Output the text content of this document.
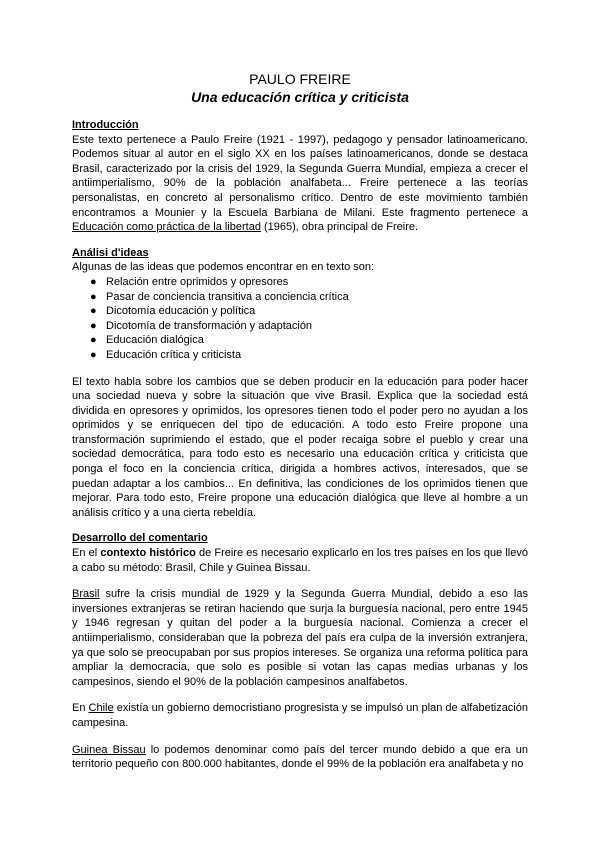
PAULO FREIRE
Una educación crítica y criticista
Introducción

Este texto pertenece a Paulo Freire (1921 - 1997), pedagogo y pensador latinoamericano. Podemos situar al autor en el siglo XX en los países latinoamericanos, donde se destaca Brasil, caracterizado por la crisis del 1929, la Segunda Guerra Mundial, empieza a crecer el antiimperialismo, 90% de la población analfabeta... Freire pertenece a las teorías personalistas, en concreto al personalismo crítico. Dentro de este movimiento también encontramos a Mounier y la Escuela Barbiana de Milani. Este fragmento pertenece a Educación como práctica de la libertad (1965), obra principal de Freire.

Análisi d'ideas

Algunas de las ideas que podemos encontrar en en texto son:

● Relación entre oprimidos y opresores
● Pasar de conciencia transitiva a conciencia crítica
● Dicotomía educación y política
● Dicotomía de transformación y adaptación
● Educación dialógica
● Educación crítica y criticista

El texto habla sobre los cambios que se deben producir en la educación para poder hacer una sociedad nueva y sobre la situación que vive Brasil. Explica que la sociedad está dividida en opresores y oprimidos, los opresores tienen todo el poder pero no ayudan a los oprimidos y se enriquecen del tipo de educación. A todo esto Freire propone una transformación suprimiendo el estado, que el poder recaiga sobre el pueblo y crear una sociedad democrática, para todo esto es necesario una educación crítica y criticista que ponga el foco en la conciencia crítica, dirigida a hombres activos, interesados, que se puedan adaptar a los cambios... En definitiva, las condiciones de los oprimidos tienen que mejorar. Para todo esto, Freire propone una educación dialógica que lleve al hombre a un análisis crítico y a una cierta rebeldía.

Desarrollo del comentario

En el contexto histórico de Freire es necesario explicarlo en los tres países en los que llevó a cabo su método: Brasil, Chile y Guinea Bissau.

Brasil sufre la crisis mundial de 1929 y la Segunda Guerra Mundial, debido a eso las inversiones extranjeras se retiran haciendo que surja la burguesía nacional, pero entre 1945 y 1946 regresan y quitan del poder a la burguesía nacional. Comienza a crecer el antiimperialismo, consideraban que la pobreza del país era culpa de la inversión extranjera, ya que solo se preocupaban por sus propios intereses. Se organiza una reforma política para ampliar la democracia, que solo es posible si votan las capas medias urbanas y los campesinos, siendo el 90% de la población campesinos analfabetos.

En Chile existía un gobierno democristiano progresista y se impulsó un plan de alfabetización campesina.

Guinea Bissau lo podemos denominar como país del tercer mundo debido a que era un territorio pequeño con 800.000 habitantes, donde el 99% de la población era analfabeta y no
